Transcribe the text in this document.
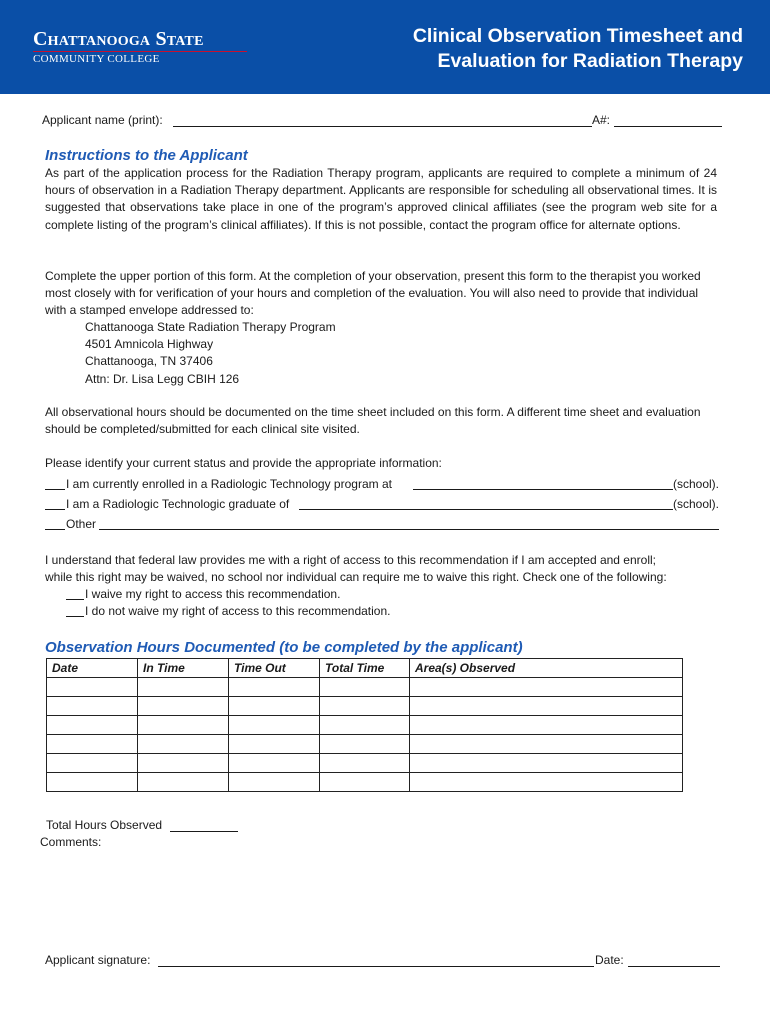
Chattanooga State
COMMUNITY COLLEGE
Clinical Observation Timesheet and
Evaluation for Radiation Therapy
Applicant name (print):	A#:
Instructions to the Applicant
As part of the application process for the Radiation Therapy program, applicants are required to complete a minimum of 24 hours of observation in a Radiation Therapy department. Applicants are responsible for scheduling all observational times. It is suggested that observations take place in one of the program’s approved clinical affiliates (see the program web site for a complete listing of the program’s clinical affiliates). If this is not possible, contact the program office for alternate options.
Complete the upper portion of this form. At the completion of your observation, present this form to the therapist you worked most closely with for verification of your hours and completion of the evaluation. You will also need to provide that individual with a stamped envelope addressed to:
Chattanooga State Radiation Therapy Program
4501 Amnicola Highway
Chattanooga, TN 37406
Attn: Dr. Lisa Legg CBIH 126
All observational hours should be documented on the time sheet included on this form. A different time sheet and evaluation should be completed/submitted for each clinical site visited.
Please identify your current status and provide the appropriate information:
I am currently enrolled in a Radiologic Technology program at	(school).
I am a Radiologic Technologic graduate of	(school).
Other
I understand that federal law provides me with a right of access to this recommendation if I am accepted and enroll;
while this right may be waived, no school nor individual can require me to waive this right. Check one of the following:
I waive my right to access this recommendation.
I do not waive my right of access to this recommendation.
Observation Hours Documented (to be completed by the applicant)
Date	In Time	Time Out	Total Time	Area(s) Observed

Total Hours Observed
Comments:
Applicant signature:	Date:
